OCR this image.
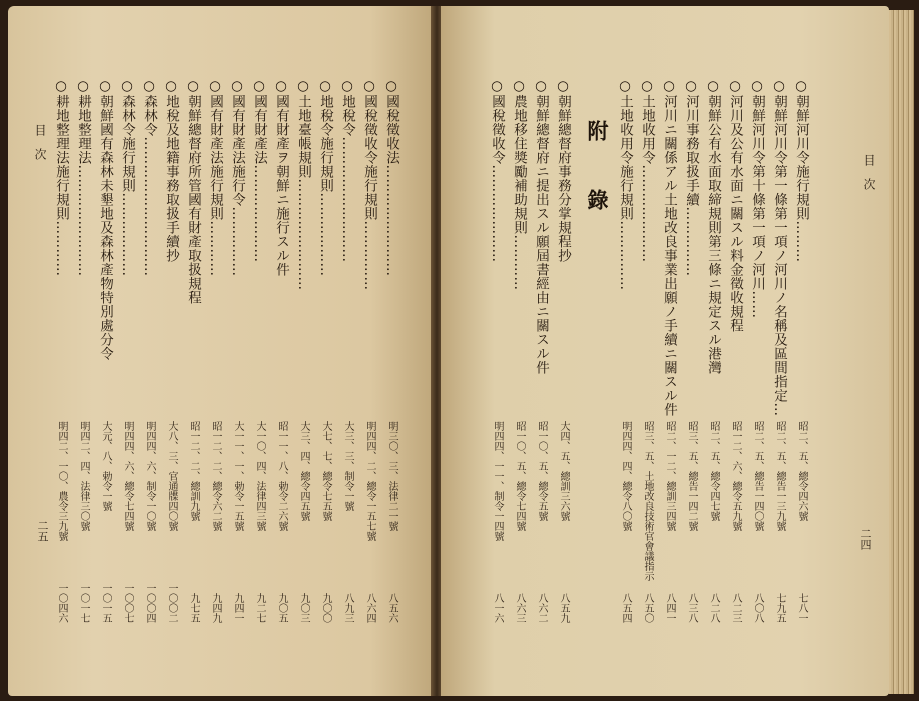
目　次
二五
○國稅徵收法……………………
明三〇、三、法律二一號
八五六
○國稅徵收令施行規則……………
明四四、二、總令一五七號
八六四
○地稅令………………………
大三、三、制令一號
八九三
○地稅令施行規則………………
大七、七、總令七五號
九〇〇
○土地臺帳規則……………………
大三、四、總令四五號
九〇三
○國有財產ヲ朝鮮ニ施行スル件
昭一一、八、勅令二六號
九〇五
○國有財產法…………………
大一〇、四、法律四三號
九二七
○國有財產法施行令……………
大一一、一、勅令一五號
九四一
○國有財產法施行規則…………
昭一二、二、總令六二號
九四九
○朝鮮總督府所管國有財產取扱規程
昭一二、二、總訓九號
九七五
○地稅及地籍事務取扱手續抄
大八、三、官通牒四〇號
一〇〇二
○森林令…………………………
明四四、六、制令一〇號
一〇〇四
○森林令施行規則………………
明四四、六、總令七四號
一〇〇七
○朝鮮國有森林未墾地及森林產物特別處分令
大元、八、勅令一號
一〇一五
○耕地整理法……………………
明四二、四、法律三〇號
一〇一七
○耕地整理法施行規則…………
明四二、一〇、農令三九號
一〇四六
目　次
二四
○朝鮮河川令施行規則………
昭二、五、總令四六號
七八一
○朝鮮河川令第一條第一項ノ河川ノ名稱及區間指定…
昭二、五、總告一三九號
七九五
○朝鮮河川令第十條第一項ノ河川……
昭二、五、總告一四〇號
八〇八
○河川及公有水面ニ關スル料金徵收規程
昭一二、六、總令五九號
八二三
○朝鮮公有水面取締規則第三條ニ規定スル港灣
昭二、五、總令四七號
八二八
○河川事務取扱手續……………
昭三、五、總告一四二號
八三八
○河川ニ關係アル土地改良事業出願ノ手續ニ關スル件
昭二、一二、總訓三四號
八四一
○土地收用令…………………
昭三、五、土地改良技術官會議指示
八五〇
○土地收用令施行規則……………
明四四、四、總令八〇號
八五四
附　　錄
○朝鮮總督府事務分掌規程抄
大四、五、總訓三六號
八五九
○朝鮮總督府ニ提出スル願屆書經由ニ關スル件
昭一〇、五、總令五號
八六二
○農地移住獎勵補助規則…………
昭一〇、五、總令七四號
八六三
○國稅徵收令…………………
明四四、一一、制令一四號
八一六
